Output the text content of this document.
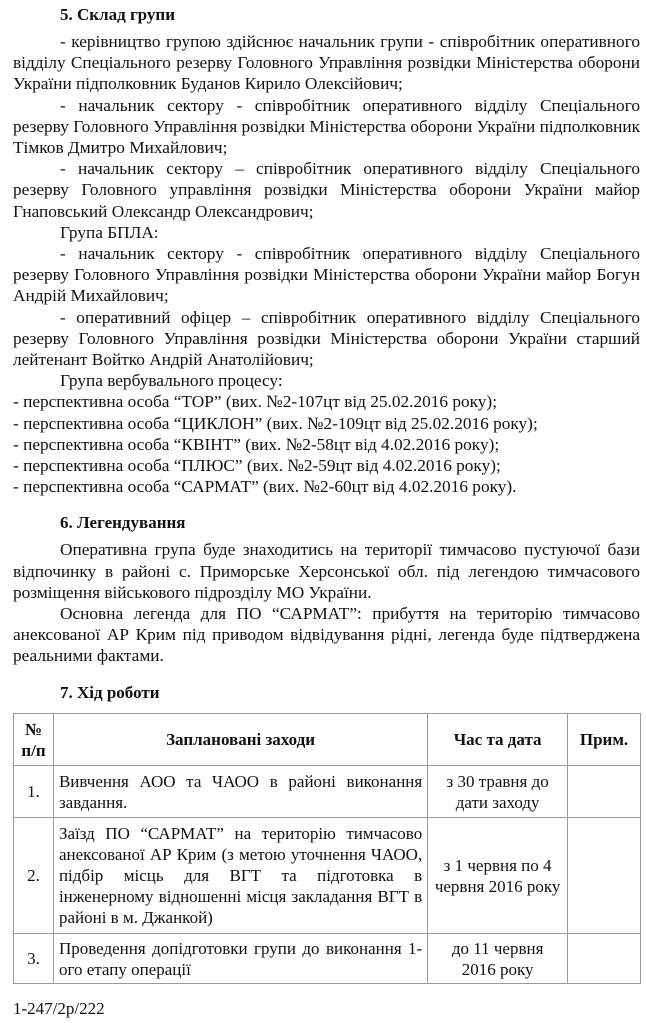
5. Склад групи

- керівництво групою здійснює начальник групи - співробітник оперативного відділу Спеціального резерву Головного Управління розвідки Міністерства оборони України підполковник Буданов Кирило Олексійович;

- начальник сектору - співробітник оперативного відділу Спеціального резерву Головного Управління розвідки Міністерства оборони України підполковник Тімков Дмитро Михайлович;

- начальник сектору – співробітник оперативного відділу Спеціального резерву Головного управління розвідки Міністерства оборони України майор Гнаповський Олександр Олександрович;

Група БПЛА:

- начальник сектору - співробітник оперативного відділу Спеціального резерву Головного Управління розвідки Міністерства оборони України майор Богун Андрій Михайлович;

- оперативний офіцер – співробітник оперативного відділу Спеціального резерву Головного Управління розвідки Міністерства оборони України старший лейтенант Войтко Андрій Анатолійович;

Група вербувального процесу:

- перспективна особа “ТОР” (вих. №2-107цт від 25.02.2016 року);

- перспективна особа “ЦИКЛОН” (вих. №2-109цт від 25.02.2016 року);

- перспективна особа “КВІНТ” (вих. №2-58цт від 4.02.2016 року);

- перспективна особа “ПЛЮС” (вих. №2-59цт від 4.02.2016 року);

- перспективна особа “САРМАТ” (вих. №2-60цт від 4.02.2016 року).

6. Легендування

Оперативна група буде знаходитись на території тимчасово пустуючої бази відпочинку в районі с. Приморське Херсонської обл. під легендою тимчасового розміщення військового підрозділу МО України.

Основна легенда для ПО “САРМАТ”: прибуття на територію тимчасово анексованої АР Крим під приводом відвідування рідні, легенда буде підтверджена реальними фактами.

7. Хід роботи
№
п/п	Заплановані заходи	Час та дата	Прим.
1.	Вивчення АОО та ЧАОО в районі виконання завдання.	з 30 травня до дати заходу	
2.	Заїзд ПО “САРМАТ” на територію тимчасово анексованої АР Крим (з метою уточнення ЧАОО, підбір місць для ВГТ та підготовка в інженерному відношенні місця закладання ВГТ в районі в м. Джанкой)	з 1 червня по 4 червня 2016 року	
3.	Проведення допідготовки групи до виконання 1-ого етапу операції	до 11 червня 2016 року	
1-247/2р/222
